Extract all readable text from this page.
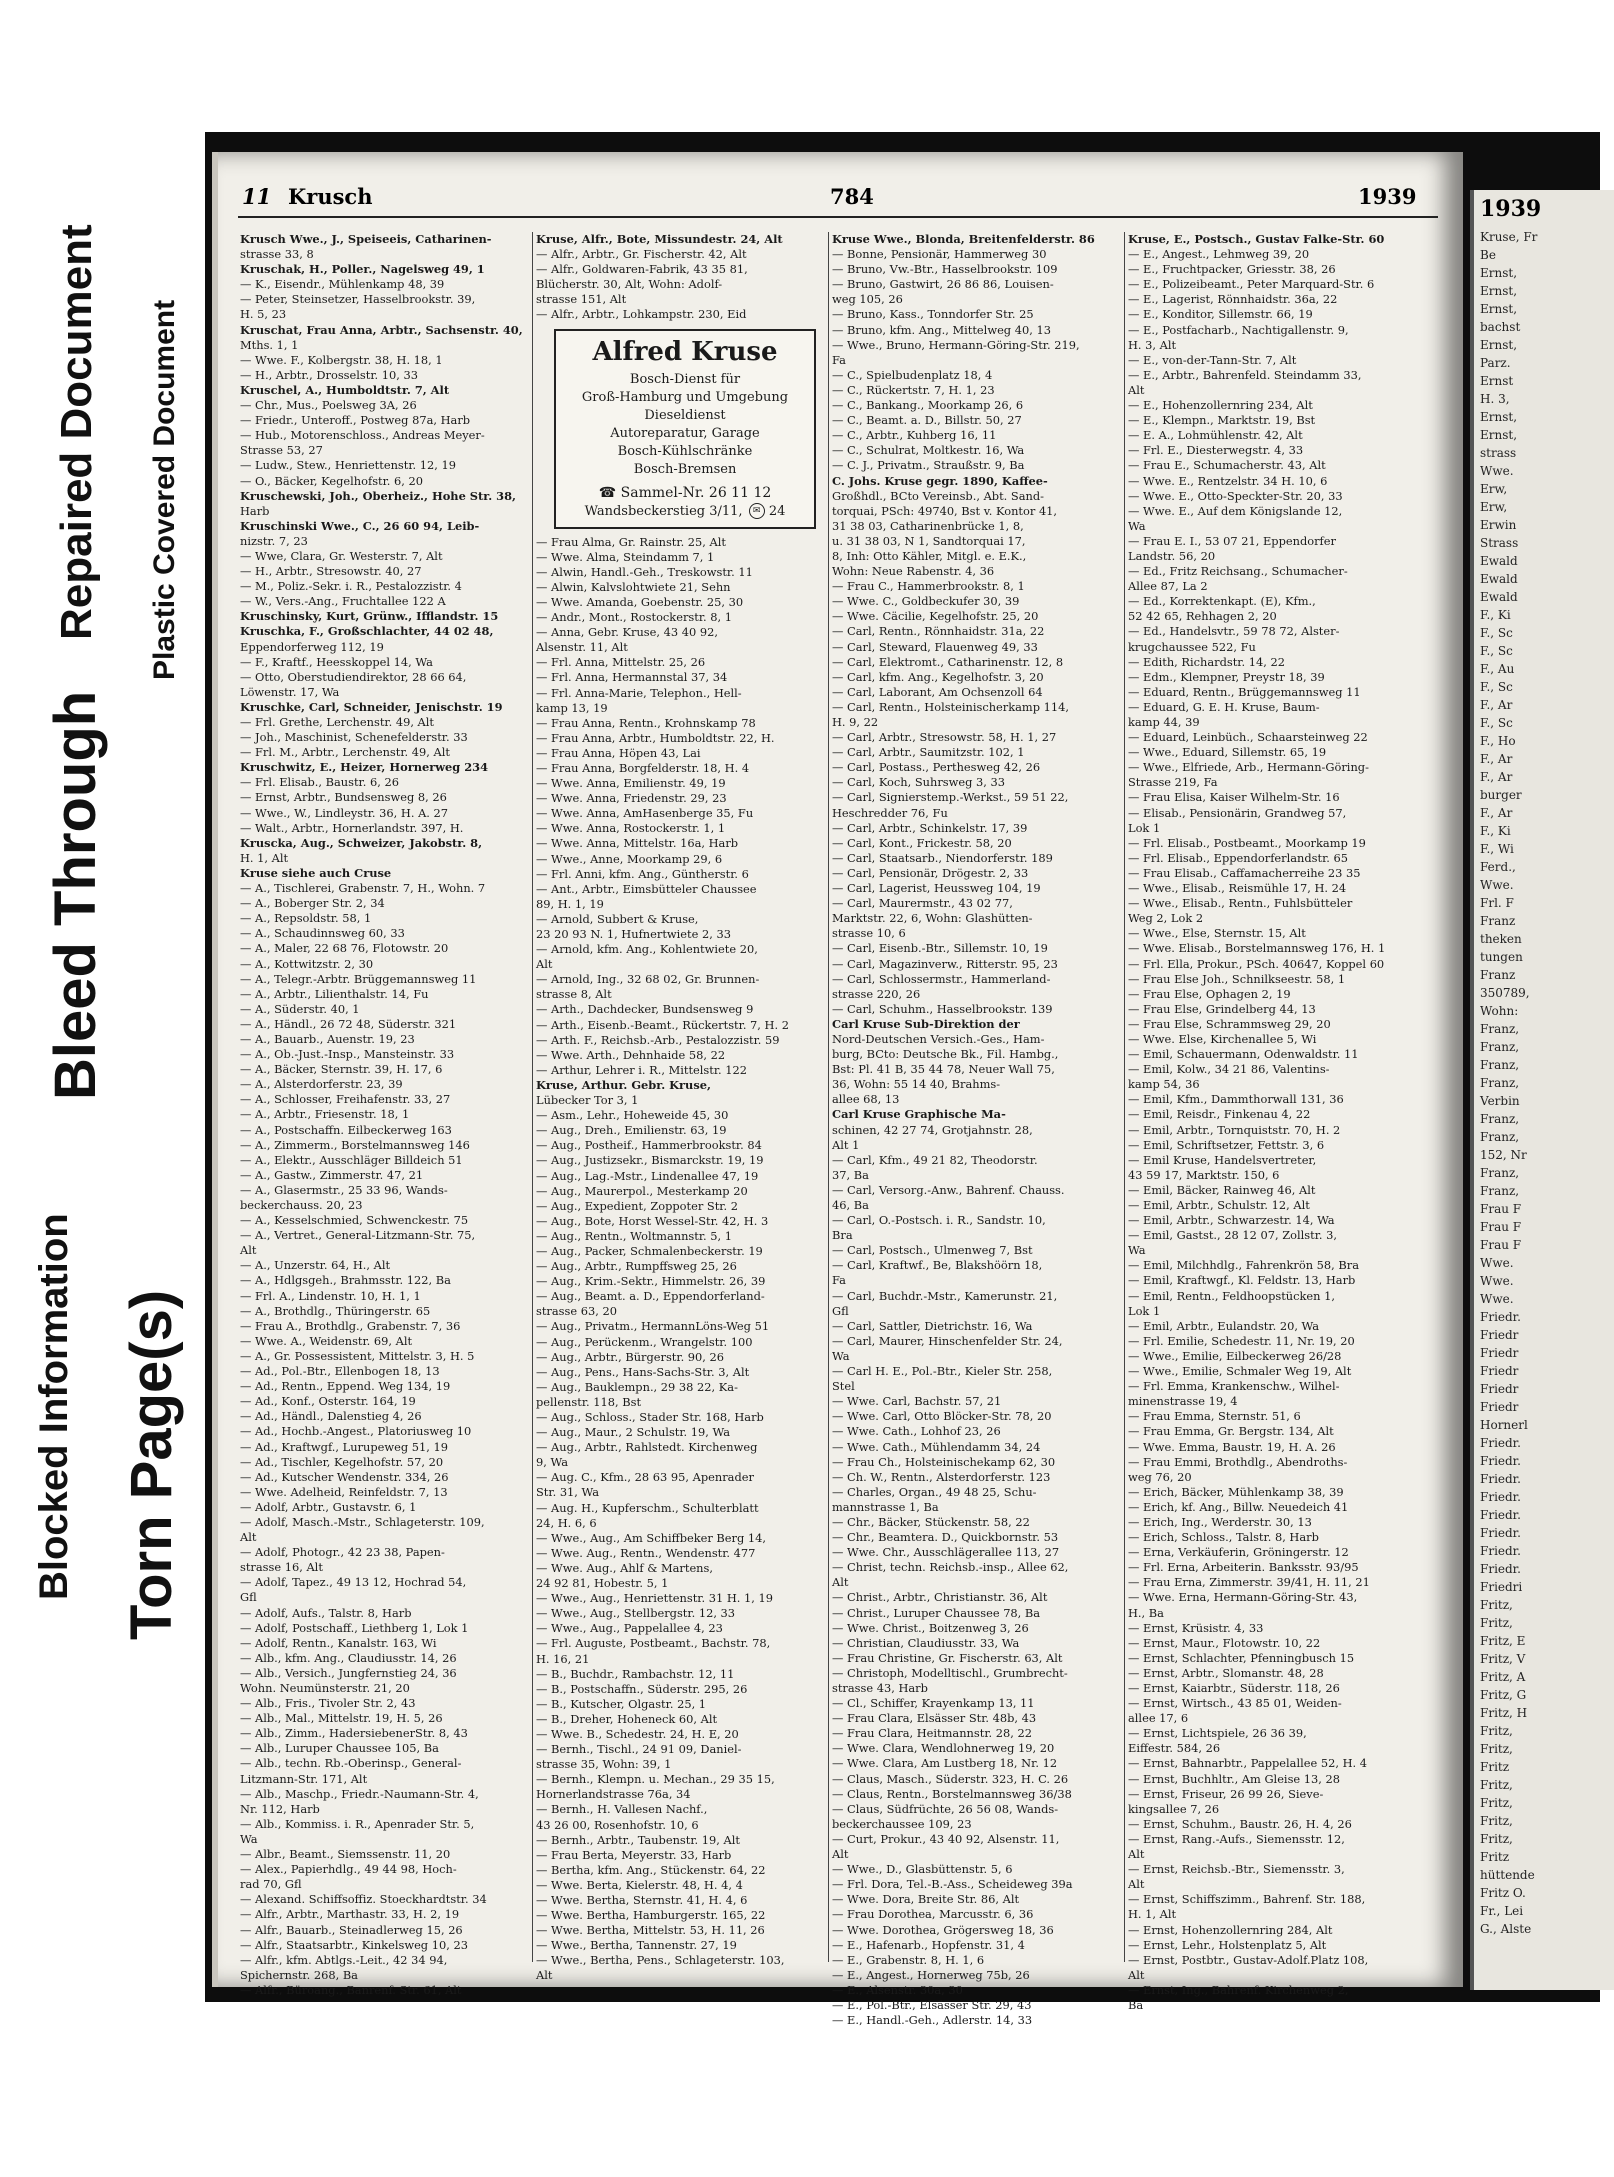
Repaired Document Plastic Covered Document
Bleed Through
Blocked Information Torn Page(s)
11 Krusch	784	1939
Krusch Wwe., J., Speiseeis, Catharinen-
strasse 33, 8
Kruschak, H., Poller., Nagelsweg 49, 1
— K., Eisendr., Mühlenkamp 48, 39
— Peter, Steinsetzer, Hasselbrookstr. 39,
H. 5, 23
Kruschat, Frau Anna, Arbtr., Sachsenstr. 40,
Mths. 1, 1
— Wwe. F., Kolbergstr. 38, H. 18, 1
— H., Arbtr., Drosselstr. 10, 33
Kruschel, A., Humboldtstr. 7, Alt
— Chr., Mus., Poelsweg 3A, 26
— Friedr., Unteroff., Postweg 87a, Harb
— Hub., Motorenschloss., Andreas Meyer-
Strasse 53, 27
— Ludw., Stew., Henriettenstr. 12, 19
— O., Bäcker, Kegelhofstr. 6, 20
Kruschewski, Joh., Oberheiz., Hohe Str. 38,
Harb
Kruschinski Wwe., C., 26 60 94, Leib-
nizstr. 7, 23
— Wwe, Clara, Gr. Westerstr. 7, Alt
— H., Arbtr., Stresowstr. 40, 27
— M., Poliz.-Sekr. i. R., Pestalozzistr. 4
— W., Vers.-Ang., Fruchtallee 122 A
Kruschinsky, Kurt, Grünw., Ifflandstr. 15
Kruschka, F., Großschlachter, 44 02 48,
Eppendorferweg 112, 19
— F., Kraftf., Heesskoppel 14, Wa
— Otto, Oberstudiendirektor, 28 66 64,
Löwenstr. 17, Wa
Kruschke, Carl, Schneider, Jenischstr. 19
— Frl. Grethe, Lerchenstr. 49, Alt
— Joh., Maschinist, Schenefelderstr. 33
— Frl. M., Arbtr., Lerchenstr. 49, Alt
Kruschwitz, E., Heizer, Hornerweg 234
— Frl. Elisab., Baustr. 6, 26
— Ernst, Arbtr., Bundsensweg 8, 26
— Wwe., W., Lindleystr. 36, H. A. 27
— Walt., Arbtr., Hornerlandstr. 397, H.
Kruscka, Aug., Schweizer, Jakobstr. 8,
H. 1, Alt
Kruse siehe auch Cruse
— A., Tischlerei, Grabenstr. 7, H., Wohn. 7
— A., Boberger Str. 2, 34
— A., Repsoldstr. 58, 1
— A., Schaudinnsweg 60, 33
— A., Maler, 22 68 76, Flotowstr. 20
— A., Kottwitzstr. 2, 30
— A., Telegr.-Arbtr. Brüggemannsweg 11
— A., Arbtr., Lilienthalstr. 14, Fu
— A., Süderstr. 40, 1
— A., Händl., 26 72 48, Süderstr. 321
— A., Bauarb., Auenstr. 19, 23
— A., Ob.-Just.-Insp., Mansteinstr. 33
— A., Bäcker, Sternstr. 39, H. 17, 6
— A., Alsterdorferstr. 23, 39
— A., Schlosser, Freihafenstr. 33, 27
— A., Arbtr., Friesenstr. 18, 1
— A., Postschaffn. Eilbeckerweg 163
— A., Zimmerm., Borstelmannsweg 146
— A., Elektr., Ausschläger Billdeich 51
— A., Gastw., Zimmerstr. 47, 21
— A., Glasermstr., 25 33 96, Wands-
beckerchauss. 20, 23
— A., Kesselschmied, Schwenckestr. 75
— A., Vertret., General-Litzmann-Str. 75,
Alt
— A., Unzerstr. 64, H., Alt
— A., Hdlgsgeh., Brahmsstr. 122, Ba
— Frl. A., Lindenstr. 10, H. 1, 1
— A., Brothdlg., Thüringerstr. 65
— Frau A., Brothdlg., Grabenstr. 7, 36
— Wwe. A., Weidenstr. 69, Alt
— A., Gr. Possessistent, Mittelstr. 3, H. 5
— Ad., Pol.-Btr., Ellenbogen 18, 13
— Ad., Rentn., Eppend. Weg 134, 19
— Ad., Konf., Osterstr. 164, 19
— Ad., Händl., Dalenstieg 4, 26
— Ad., Hochb.-Angest., Platoriusweg 10
— Ad., Kraftwgf., Lurupeweg 51, 19
— Ad., Tischler, Kegelhofstr. 57, 20
— Ad., Kutscher Wendenstr. 334, 26
— Wwe. Adelheid, Reinfeldstr. 7, 13
— Adolf, Arbtr., Gustavstr. 6, 1
— Adolf, Masch.-Mstr., Schlageterstr. 109,
Alt
— Adolf, Photogr., 42 23 38, Papen-
strasse 16, Alt
— Adolf, Tapez., 49 13 12, Hochrad 54,
Gfl
— Adolf, Aufs., Talstr. 8, Harb
— Adolf, Postschaff., Liethberg 1, Lok 1
— Adolf, Rentn., Kanalstr. 163, Wi
— Alb., kfm. Ang., Claudiusstr. 14, 26
— Alb., Versich., Jungfernstieg 24, 36
Wohn. Neumünsterstr. 21, 20
— Alb., Fris., Tivoler Str. 2, 43
— Alb., Mal., Mittelstr. 19, H. 5, 26
— Alb., Zimm., HadersiebenerStr. 8, 43
— Alb., Luruper Chaussee 105, Ba
— Alb., techn. Rb.-Oberinsp., General-
Litzmann-Str. 171, Alt
— Alb., Maschp., Friedr.-Naumann-Str. 4,
Nr. 112, Harb
— Alb., Kommiss. i. R., Apenrader Str. 5,
Wa
— Albr., Beamt., Siemssenstr. 11, 20
— Alex., Papierhdlg., 49 44 98, Hoch-
rad 70, Gfl
— Alexand. Schiffsoffiz. Stoeckhardtstr. 34
— Alfr., Arbtr., Marthastr. 33, H. 2, 19
— Alfr., Bauarb., Steinadlerweg 15, 26
— Alfr., Staatsarbtr., Kinkelsweg 10, 23
— Alfr., kfm. Abtlgs.-Leit., 42 34 94,
Spichernstr. 268, Ba
— Alfr., Büroang., Banrenf. Str. 61, Alt
Kruse, Alfr., Bote, Missundestr. 24, Alt
— Alfr., Arbtr., Gr. Fischerstr. 42, Alt
— Alfr., Goldwaren-Fabrik, 43 35 81,
Blücherstr. 30, Alt, Wohn: Adolf-
strasse 151, Alt
— Alfr., Arbtr., Lohkampstr. 230, Eid
Alfred Kruse
Bosch-Dienst für
Groß-Hamburg und Umgebung
Dieseldienst
Autoreparatur, Garage
Bosch-Kühlschränke
Bosch-Bremsen
☎ Sammel-Nr. 26 11 12
Wandsbeckerstieg 3/11, ✉ 24
— Frau Alma, Gr. Rainstr. 25, Alt
— Wwe. Alma, Steindamm 7, 1
— Alwin, Handl.-Geh., Treskowstr. 11
— Alwin, Kalvslohtwiete 21, Sehn
— Wwe. Amanda, Goebenstr. 25, 30
— Andr., Mont., Rostockerstr. 8, 1
— Anna, Gebr. Kruse, 43 40 92,
Alsenstr. 11, Alt
— Frl. Anna, Mittelstr. 25, 26
— Frl. Anna, Hermannstal 37, 34
— Frl. Anna-Marie, Telephon., Hell-
kamp 13, 19
— Frau Anna, Rentn., Krohnskamp 78
— Frau Anna, Arbtr., Humboldtstr. 22, H.
— Frau Anna, Höpen 43, Lai
— Frau Anna, Borgfelderstr. 18, H. 4
— Wwe. Anna, Emilienstr. 49, 19
— Wwe. Anna, Friedenstr. 29, 23
— Wwe. Anna, AmHasenberge 35, Fu
— Wwe. Anna, Rostockerstr. 1, 1
— Wwe. Anna, Mittelstr. 16a, Harb
— Wwe., Anne, Moorkamp 29, 6
— Frl. Anni, kfm. Ang., Güntherstr. 6
— Ant., Arbtr., Eimsbütteler Chaussee
89, H. 1, 19
— Arnold, Subbert & Kruse,
23 20 93 N. 1, Hufnertwiete 2, 33
— Arnold, kfm. Ang., Kohlentwiete 20,
Alt
— Arnold, Ing., 32 68 02, Gr. Brunnen-
strasse 8, Alt
— Arth., Dachdecker, Bundsensweg 9
— Arth., Eisenb.-Beamt., Rückertstr. 7, H. 2
— Arth. F., Reichsb.-Arb., Pestalozzistr. 59
— Wwe. Arth., Dehnhaide 58, 22
— Arthur, Lehrer i. R., Mittelstr. 122
Kruse, Arthur. Gebr. Kruse,
Lübecker Tor 3, 1
— Asm., Lehr., Hoheweide 45, 30
— Aug., Dreh., Emilienstr. 63, 19
— Aug., Postheif., Hammerbrookstr. 84
— Aug., Justizsekr., Bismarckstr. 19, 19
— Aug., Lag.-Mstr., Lindenallee 47, 19
— Aug., Maurerpol., Mesterkamp 20
— Aug., Expedient, Zoppoter Str. 2
— Aug., Bote, Horst Wessel-Str. 42, H. 3
— Aug., Rentn., Woltmannstr. 5, 1
— Aug., Packer, Schmalenbeckerstr. 19
— Aug., Arbtr., Rumpffsweg 25, 26
— Aug., Krim.-Sektr., Himmelstr. 26, 39
— Aug., Beamt. a. D., Eppendorferland-
strasse 63, 20
— Aug., Privatm., HermannLöns-Weg 51
— Aug., Perückenm., Wrangelstr. 100
— Aug., Arbtr., Bürgerstr. 90, 26
— Aug., Pens., Hans-Sachs-Str. 3, Alt
— Aug., Bauklempn., 29 38 22, Ka-
pellenstr. 118, Bst
— Aug., Schloss., Stader Str. 168, Harb
— Aug., Maur., 2 Schulstr. 19, Wa
— Aug., Arbtr., Rahlstedt. Kirchenweg
9, Wa
— Aug. C., Kfm., 28 63 95, Apenrader
Str. 31, Wa
— Aug. H., Kupferschm., Schulterblatt
24, H. 6, 6
— Wwe., Aug., Am Schiffbeker Berg 14,
— Wwe. Aug., Rentn., Wendenstr. 477
— Wwe. Aug., Ahlf & Martens,
24 92 81, Hobestr. 5, 1
— Wwe., Aug., Henriettenstr. 31 H. 1, 19
— Wwe., Aug., Stellbergstr. 12, 33
— Wwe., Aug., Pappelallee 4, 23
— Frl. Auguste, Postbeamt., Bachstr. 78,
H. 16, 21
— B., Buchdr., Rambachstr. 12, 11
— B., Postschaffn., Süderstr. 295, 26
— B., Kutscher, Olgastr. 25, 1
— B., Dreher, Hoheneck 60, Alt
— Wwe. B., Schedestr. 24, H. E, 20
— Bernh., Tischl., 24 91 09, Daniel-
strasse 35, Wohn: 39, 1
— Bernh., Klempn. u. Mechan., 29 35 15,
Hornerlandstrasse 76a, 34
— Bernh., H. Vallesen Nachf.,
43 26 00, Rosenhofstr. 10, 6
— Bernh., Arbtr., Taubenstr. 19, Alt
— Frau Berta, Meyerstr. 33, Harb
— Bertha, kfm. Ang., Stückenstr. 64, 22
— Wwe. Berta, Kielerstr. 48, H. 4, 4
— Wwe. Bertha, Sternstr. 41, H. 4, 6
— Wwe. Bertha, Hamburgerstr. 165, 22
— Wwe. Bertha, Mittelstr. 53, H. 11, 26
— Wwe., Bertha, Tannenstr. 27, 19
— Wwe., Bertha, Pens., Schlageterstr. 103,
Alt
Kruse Wwe., Blonda, Breitenfelderstr. 86
— Bonne, Pensionär, Hammerweg 30
— Bruno, Vw.-Btr., Hasselbrookstr. 109
— Bruno, Gastwirt, 26 86 86, Louisen-
weg 105, 26
— Bruno, Kass., Tonndorfer Str. 25
— Bruno, kfm. Ang., Mittelweg 40, 13
— Wwe., Bruno, Hermann-Göring-Str. 219,
Fa
— C., Spielbudenplatz 18, 4
— C., Rückertstr. 7, H. 1, 23
— C., Bankang., Moorkamp 26, 6
— C., Beamt. a. D., Billstr. 50, 27
— C., Arbtr., Kuhberg 16, 11
— C., Schulrat, Moltkestr. 16, Wa
— C. J., Privatm., Straußstr. 9, Ba
C. Johs. Kruse gegr. 1890, Kaffee-
Großhdl., BCto Vereinsb., Abt. Sand-
torquai, PSch: 49740, Bst v. Kontor 41,
31 38 03, Catharinenbrücke 1, 8,
u. 31 38 03, N 1, Sandtorquai 17,
8, Inh: Otto Kähler, Mitgl. e. E.K.,
Wohn: Neue Rabenstr. 4, 36
— Frau C., Hammerbrookstr. 8, 1
— Wwe. C., Goldbeckufer 30, 39
— Wwe. Cäcilie, Kegelhofstr. 25, 20
— Carl, Rentn., Rönnhaidstr. 31a, 22
— Carl, Steward, Flauenweg 49, 33
— Carl, Elektromt., Catharinenstr. 12, 8
— Carl, kfm. Ang., Kegelhofstr. 3, 20
— Carl, Laborant, Am Ochsenzoll 64
— Carl, Rentn., Holsteinischerkamp 114,
H. 9, 22
— Carl, Arbtr., Stresowstr. 58, H. 1, 27
— Carl, Arbtr., Saumitzstr. 102, 1
— Carl, Postass., Perthesweg 42, 26
— Carl, Koch, Suhrsweg 3, 33
— Carl, Signierstemp.-Werkst., 59 51 22,
Heschredder 76, Fu
— Carl, Arbtr., Schinkelstr. 17, 39
— Carl, Kont., Frickestr. 58, 20
— Carl, Staatsarb., Niendorferstr. 189
— Carl, Pensionär, Drögestr. 2, 33
— Carl, Lagerist, Heussweg 104, 19
— Carl, Maurermstr., 43 02 77,
Marktstr. 22, 6, Wohn: Glashütten-
strasse 10, 6
— Carl, Eisenb.-Btr., Sillemstr. 10, 19
— Carl, Magazinverw., Ritterstr. 95, 23
— Carl, Schlossermstr., Hammerland-
strasse 220, 26
— Carl, Schuhm., Hasselbrookstr. 139
Carl Kruse Sub-Direktion der
Nord-Deutschen Versich.-Ges., Ham-
burg, BCto: Deutsche Bk., Fil. Hambg.,
Bst: Pl. 41 B, 35 44 78, Neuer Wall 75,
36, Wohn: 55 14 40, Brahms-
allee 68, 13
Carl Kruse Graphische Ma-
schinen, 42 27 74, Grotjahnstr. 28,
Alt 1
— Carl, Kfm., 49 21 82, Theodorstr.
37, Ba
— Carl, Versorg.-Anw., Bahrenf. Chauss.
46, Ba
— Carl, O.-Postsch. i. R., Sandstr. 10,
Bra
— Carl, Postsch., Ulmenweg 7, Bst
— Carl, Kraftwf., Be, Blakshöörn 18,
Fa
— Carl, Buchdr.-Mstr., Kamerunstr. 21,
Gfl
— Carl, Sattler, Dietrichstr. 16, Wa
— Carl, Maurer, Hinschenfelder Str. 24,
Wa
— Carl H. E., Pol.-Btr., Kieler Str. 258,
Stel
— Wwe. Carl, Bachstr. 57, 21
— Wwe. Carl, Otto Blöcker-Str. 78, 20
— Wwe. Cath., Lohhof 23, 26
— Wwe. Cath., Mühlendamm 34, 24
— Frau Ch., Holsteinischekamp 62, 30
— Ch. W., Rentn., Alsterdorferstr. 123
— Charles, Organ., 49 48 25, Schu-
mannstrasse 1, Ba
— Chr., Bäcker, Stückenstr. 58, 22
— Chr., Beamtera. D., Quickbornstr. 53
— Wwe. Chr., Ausschlägerallee 113, 27
— Christ, techn. Reichsb.-insp., Allee 62,
Alt
— Christ., Arbtr., Christianstr. 36, Alt
— Christ., Luruper Chaussee 78, Ba
— Wwe. Christ., Boitzenweg 3, 26
— Christian, Claudiusstr. 33, Wa
— Frau Christine, Gr. Fischerstr. 63, Alt
— Christoph, Modelltischl., Grumbrecht-
strasse 43, Harb
— Cl., Schiffer, Krayenkamp 13, 11
— Frau Clara, Elsässer Str. 48b, 43
— Frau Clara, Heitmannstr. 28, 22
— Wwe. Clara, Wendlohnerweg 19, 20
— Wwe. Clara, Am Lustberg 18, Nr. 12
— Claus, Masch., Süderstr. 323, H. C. 26
— Claus, Rentn., Borstelmannsweg 36/38
— Claus, Südfrüchte, 26 56 08, Wands-
beckerchaussee 109, 23
— Curt, Prokur., 43 40 92, Alsenstr. 11,
Alt
— Wwe., D., Glasbüttenstr. 5, 6
— Frl. Dora, Tel.-B.-Ass., Scheideweg 39a
— Wwe. Dora, Breite Str. 86, Alt
— Frau Dorothea, Marcusstr. 6, 36
— Wwe. Dorothea, Grögersweg 18, 36
— E., Hafenarb., Hopfenstr. 31, 4
— E., Grabenstr. 8, H. 1, 6
— E., Angest., Hornerweg 75b, 26
— E., Alsenstr. 30a, 30
— E., Pol.-Btr., Elsässer Str. 29, 43
— E., Handl.-Geh., Adlerstr. 14, 33
Kruse, E., Postsch., Gustav Falke-Str. 60
— E., Angest., Lehmweg 39, 20
— E., Fruchtpacker, Griesstr. 38, 26
— E., Polizeibeamt., Peter Marquard-Str. 6
— E., Lagerist, Rönnhaidstr. 36a, 22
— E., Konditor, Sillemstr. 66, 19
— E., Postfacharb., Nachtigallenstr. 9,
H. 3, Alt
— E., von-der-Tann-Str. 7, Alt
— E., Arbtr., Bahrenfeld. Steindamm 33,
Alt
— E., Hohenzollernring 234, Alt
— E., Klempn., Marktstr. 19, Bst
— E. A., Lohmühlenstr. 42, Alt
— Frl. E., Diesterwegstr. 4, 33
— Frau E., Schumacherstr. 43, Alt
— Wwe. E., Rentzelstr. 34 H. 10, 6
— Wwe. E., Otto-Speckter-Str. 20, 33
— Wwe. E., Auf dem Königslande 12,
Wa
— Frau E. I., 53 07 21, Eppendorfer
Landstr. 56, 20
— Ed., Fritz Reichsang., Schumacher-
Allee 87, La 2
— Ed., Korrektenkapt. (E), Kfm.,
52 42 65, Rehhagen 2, 20
— Ed., Handelsvtr., 59 78 72, Alster-
krugchaussee 522, Fu
— Edith, Richardstr. 14, 22
— Edm., Klempner, Preystr 18, 39
— Eduard, Rentn., Brüggemannsweg 11
— Eduard, G. E. H. Kruse, Baum-
kamp 44, 39
— Eduard, Leinbüch., Schaarsteinweg 22
— Wwe., Eduard, Sillemstr. 65, 19
— Wwe., Elfriede, Arb., Hermann-Göring-
Strasse 219, Fa
— Frau Elisa, Kaiser Wilhelm-Str. 16
— Elisab., Pensionärin, Grandweg 57,
Lok 1
— Frl. Elisab., Postbeamt., Moorkamp 19
— Frl. Elisab., Eppendorferlandstr. 65
— Frau Elisab., Caffamacherreihe 23 35
— Wwe., Elisab., Reismühle 17, H. 24
— Wwe., Elisab., Rentn., Fuhlsbütteler
Weg 2, Lok 2
— Wwe., Else, Sternstr. 15, Alt
— Wwe. Elisab., Borstelmannsweg 176, H. 1
— Frl. Ella, Prokur., PSch. 40647, Koppel 60
— Frau Else Joh., Schnilkseestr. 58, 1
— Frau Else, Ophagen 2, 19
— Frau Else, Grindelberg 44, 13
— Frau Else, Schrammsweg 29, 20
— Wwe. Else, Kirchenallee 5, Wi
— Emil, Schauermann, Odenwaldstr. 11
— Emil, Kolw., 34 21 86, Valentins-
kamp 54, 36
— Emil, Kfm., Dammthorwall 131, 36
— Emil, Reisdr., Finkenau 4, 22
— Emil, Arbtr., Tornquiststr. 70, H. 2
— Emil, Schriftsetzer, Fettstr. 3, 6
— Emil Kruse, Handelsvertreter,
43 59 17, Marktstr. 150, 6
— Emil, Bäcker, Rainweg 46, Alt
— Emil, Arbtr., Schulstr. 12, Alt
— Emil, Arbtr., Schwarzestr. 14, Wa
— Emil, Gastst., 28 12 07, Zollstr. 3,
Wa
— Emil, Milchhdlg., Fahrenkrön 58, Bra
— Emil, Kraftwgf., Kl. Feldstr. 13, Harb
— Emil, Rentn., Feldhoopstücken 1,
Lok 1
— Emil, Arbtr., Eulandstr. 20, Wa
— Frl. Emilie, Schedestr. 11, Nr. 19, 20
— Wwe., Emilie, Eilbeckerweg 26/28
— Wwe., Emilie, Schmaler Weg 19, Alt
— Frl. Emma, Krankenschw., Wilhel-
minenstrasse 19, 4
— Frau Emma, Sternstr. 51, 6
— Frau Emma, Gr. Bergstr. 134, Alt
— Wwe. Emma, Baustr. 19, H. A. 26
— Frau Emmi, Brothdlg., Abendroths-
weg 76, 20
— Erich, Bäcker, Mühlenkamp 38, 39
— Erich, kf. Ang., Billw. Neuedeich 41
— Erich, Ing., Werderstr. 30, 13
— Erich, Schloss., Talstr. 8, Harb
— Erna, Verkäuferin, Gröningerstr. 12
— Frl. Erna, Arbeiterin. Banksstr. 93/95
— Frau Erna, Zimmerstr. 39/41, H. 11, 21
— Wwe. Erna, Hermann-Göring-Str. 43,
H., Ba
— Ernst, Krüsistr. 4, 33
— Ernst, Maur., Flotowstr. 10, 22
— Ernst, Schlachter, Pfenningbusch 15
— Ernst, Arbtr., Slomanstr. 48, 28
— Ernst, Kaiarbtr., Süderstr. 118, 26
— Ernst, Wirtsch., 43 85 01, Weiden-
allee 17, 6
— Ernst, Lichtspiele, 26 36 39,
Eiffestr. 584, 26
— Ernst, Bahnarbtr., Pappelallee 52, H. 4
— Ernst, Buchhltr., Am Gleise 13, 28
— Ernst, Friseur, 26 99 26, Sieve-
kingsallee 7, 26
— Ernst, Schuhm., Baustr. 26, H. 4, 26
— Ernst, Rang.-Aufs., Siemensstr. 12,
Alt
— Ernst, Reichsb.-Btr., Siemensstr. 3,
Alt
— Ernst, Schiffszimm., Bahrenf. Str. 188,
H. 1, Alt
— Ernst, Hohenzollernring 284, Alt
— Ernst, Lehr., Holstenplatz 5, Alt
— Ernst, Postbtr., Gustav-Adolf.Platz 108,
Alt
— Ernst, Ing., Bahrenf. Kirchenweg 2,
Ba
1939
Kruse, Fr
Be
Ernst,
Ernst,
Ernst,
bachst
Ernst,
Parz.
Ernst
H. 3,
Ernst,
Ernst,
strass
Wwe.
Erw,
Erw,
Erwin
Strass
Ewald
Ewald
Ewald
F., Ki
F., Sc
F., Sc
F., Au
F., Sc
F., Ar
F., Sc
F., Ho
F., Ar
F., Ar
burger
F., Ar
F., Ki
F., Wi
Ferd.,
Wwe.
Frl. F
Franz
theken
tungen
Franz
350789,
Wohn:
Franz,
Franz,
Franz,
Franz,
Verbin
Franz,
Franz,
152, Nr
Franz,
Franz,
Frau F
Frau F
Frau F
Wwe.
Wwe.
Wwe.
Friedr.
Friedr
Friedr
Friedr
Friedr
Friedr
Hornerl
Friedr.
Friedr.
Friedr.
Friedr.
Friedr.
Friedr.
Friedr.
Friedr.
Friedri
Fritz,
Fritz,
Fritz, E
Fritz, V
Fritz, A
Fritz, G
Fritz, H
Fritz,
Fritz,
Fritz
Fritz,
Fritz,
Fritz,
Fritz,
Fritz
hüttende
Fritz O.
Fr., Lei
G., Alste
